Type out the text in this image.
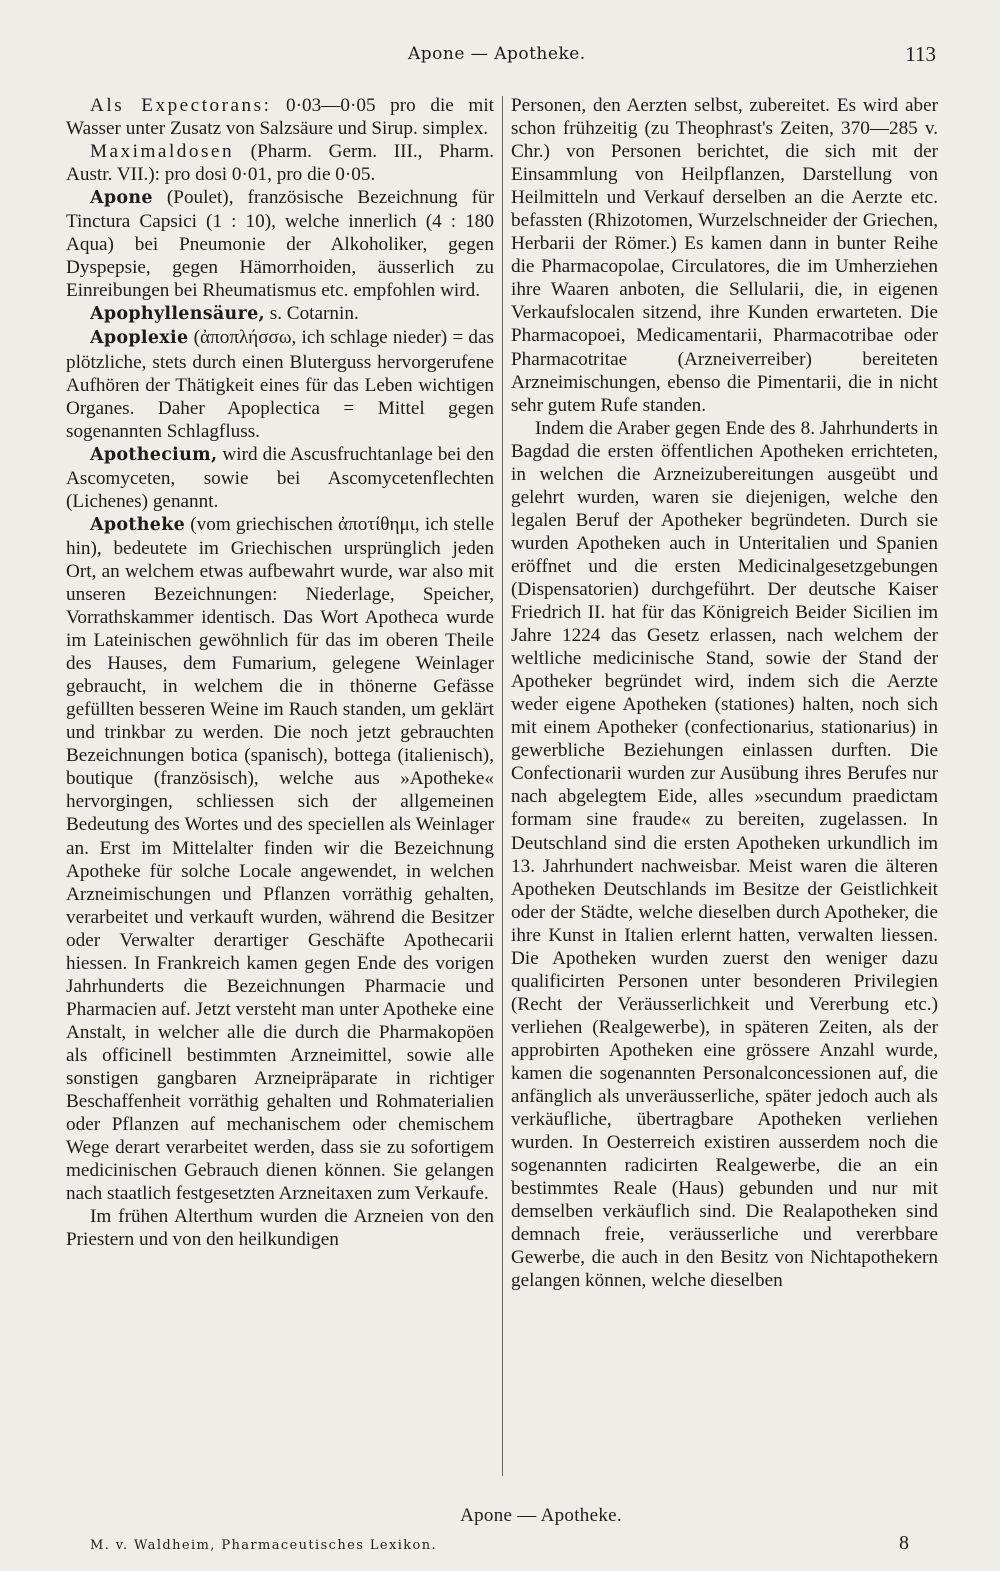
Apone — Apotheke.	113

Als Expectorans: 0·03—0·05 pro die mit Wasser unter Zusatz von Salzsäure und Sirup. simplex.

Maximaldosen (Pharm. Germ. III., Pharm. Austr. VII.): pro dosi 0·01, pro die 0·05.

Apone (Poulet), französische Bezeichnung für Tinctura Capsici (1 : 10), welche innerlich (4 : 180 Aqua) bei Pneumonie der Alkoholiker, gegen Dyspepsie, gegen Hämorrhoiden, äusserlich zu Einreibungen bei Rheumatismus etc. empfohlen wird.

Apophyllensäure, s. Cotarnin.

Apoplexie (ἀποπλήσσω, ich schlage nieder) = das plötzliche, stets durch einen Bluterguss hervorgerufene Aufhören der Thätigkeit eines für das Leben wichtigen Organes. Daher Apoplectica = Mittel gegen sogenannten Schlagfluss.

Apothecium, wird die Ascusfruchtanlage bei den Ascomyceten, sowie bei Ascomycetenflechten (Lichenes) genannt.

Apotheke (vom griechischen ἀποτίθημι, ich stelle hin), bedeutete im Griechischen ursprünglich jeden Ort, an welchem etwas aufbewahrt wurde, war also mit unseren Bezeichnungen: Niederlage, Speicher, Vorrathskammer identisch. Das Wort Apotheca wurde im Lateinischen gewöhnlich für das im oberen Theile des Hauses, dem Fumarium, gelegene Weinlager gebraucht, in welchem die in thönerne Gefässe gefüllten besseren Weine im Rauch standen, um geklärt und trinkbar zu werden. Die noch jetzt gebrauchten Bezeichnungen botica (spanisch), bottega (italienisch), boutique (französisch), welche aus »Apotheke« hervorgingen, schliessen sich der allgemeinen Bedeutung des Wortes und des speciellen als Weinlager an. Erst im Mittelalter finden wir die Bezeichnung Apotheke für solche Locale angewendet, in welchen Arzneimischungen und Pflanzen vorräthig gehalten, verarbeitet und verkauft wurden, während die Besitzer oder Verwalter derartiger Geschäfte Apothecarii hiessen. In Frankreich kamen gegen Ende des vorigen Jahrhunderts die Bezeichnungen Pharmacie und Pharmacien auf. Jetzt versteht man unter Apotheke eine Anstalt, in welcher alle die durch die Pharmakopöen als officinell bestimmten Arzneimittel, sowie alle sonstigen gangbaren Arzneipräparate in richtiger Beschaffenheit vorräthig gehalten und Rohmaterialien oder Pflanzen auf mechanischem oder chemischem Wege derart verarbeitet werden, dass sie zu sofortigem medicinischen Gebrauch dienen können. Sie gelangen nach staatlich festgesetzten Arzneitaxen zum Verkaufe.

Im frühen Alterthum wurden die Arzneien von den Priestern und von den heilkundigen

Personen, den Aerzten selbst, zubereitet. Es wird aber schon frühzeitig (zu Theophrast's Zeiten, 370—285 v. Chr.) von Personen berichtet, die sich mit der Einsammlung von Heilpflanzen, Darstellung von Heilmitteln und Verkauf derselben an die Aerzte etc. befassten (Rhizotomen, Wurzelschneider der Griechen, Herbarii der Römer.) Es kamen dann in bunter Reihe die Pharmacopolae, Circulatores, die im Umherziehen ihre Waaren anboten, die Sellularii, die, in eigenen Verkaufslocalen sitzend, ihre Kunden erwarteten. Die Pharmacopoei, Medicamentarii, Pharmacotribae oder Pharmacotritae (Arzneiverreiber) bereiteten Arzneimischungen, ebenso die Pimentarii, die in nicht sehr gutem Rufe standen.

Indem die Araber gegen Ende des 8. Jahrhunderts in Bagdad die ersten öffentlichen Apotheken errichteten, in welchen die Arzneizubereitungen ausgeübt und gelehrt wurden, waren sie diejenigen, welche den legalen Beruf der Apotheker begründeten. Durch sie wurden Apotheken auch in Unteritalien und Spanien eröffnet und die ersten Medicinalgesetzgebungen (Dispensatorien) durchgeführt. Der deutsche Kaiser Friedrich II. hat für das Königreich Beider Sicilien im Jahre 1224 das Gesetz erlassen, nach welchem der weltliche medicinische Stand, sowie der Stand der Apotheker begründet wird, indem sich die Aerzte weder eigene Apotheken (stationes) halten, noch sich mit einem Apotheker (confectionarius, stationarius) in gewerbliche Beziehungen einlassen durften. Die Confectionarii wurden zur Ausübung ihres Berufes nur nach abgelegtem Eide, alles »secundum praedictam formam sine fraude« zu bereiten, zugelassen. In Deutschland sind die ersten Apotheken urkundlich im 13. Jahrhundert nachweisbar. Meist waren die älteren Apotheken Deutschlands im Besitze der Geistlichkeit oder der Städte, welche dieselben durch Apotheker, die ihre Kunst in Italien erlernt hatten, verwalten liessen. Die Apotheken wurden zuerst den weniger dazu qualificirten Personen unter besonderen Privilegien (Recht der Veräusserlichkeit und Vererbung etc.) verliehen (Realgewerbe), in späteren Zeiten, als der approbirten Apotheken eine grössere Anzahl wurde, kamen die sogenannten Personalconcessionen auf, die anfänglich als unveräusserliche, später jedoch auch als verkäufliche, übertragbare Apotheken verliehen wurden. In Oesterreich existiren ausserdem noch die sogenannten radicirten Realgewerbe, die an ein bestimmtes Reale (Haus) gebunden und nur mit demselben verkäuflich sind. Die Realapotheken sind demnach freie, veräusserliche und vererbbare Gewerbe, die auch in den Besitz von Nichtapothekern gelangen können, welche dieselben

Apone — Apotheke.
M. v. Waldheim, Pharmaceutisches Lexikon.	8
